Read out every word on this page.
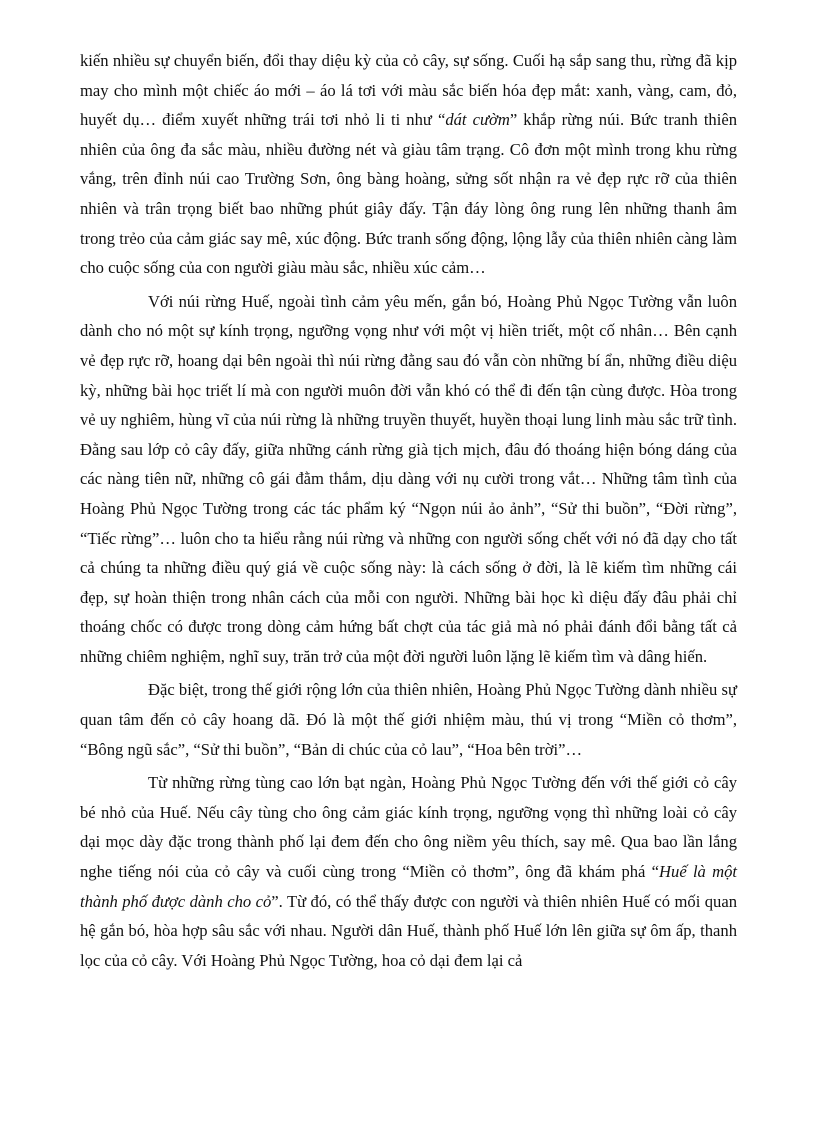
kiến nhiều sự chuyển biến, đổi thay diệu kỳ của cỏ cây, sự sống. Cuối hạ sắp sang thu, rừng đã kịp may cho mình một chiếc áo mới – áo lá tơi với màu sắc biến hóa đẹp mắt: xanh, vàng, cam, đỏ, huyết dụ… điểm xuyết những trái tơi nhỏ li ti như “dát cườm” khắp rừng núi. Bức tranh thiên nhiên của ông đa sắc màu, nhiều đường nét và giàu tâm trạng. Cô đơn một mình trong khu rừng vắng, trên đỉnh núi cao Trường Sơn, ông bàng hoàng, sửng sốt nhận ra vẻ đẹp rực rỡ của thiên nhiên và trân trọng biết bao những phút giây đấy. Tận đáy lòng ông rung lên những thanh âm trong trẻo của cảm giác say mê, xúc động. Bức tranh sống động, lộng lẫy của thiên nhiên càng làm cho cuộc sống của con người giàu màu sắc, nhiều xúc cảm…

Với núi rừng Huế, ngoài tình cảm yêu mến, gắn bó, Hoàng Phủ Ngọc Tường vẫn luôn dành cho nó một sự kính trọng, ngưỡng vọng như với một vị hiền triết, một cố nhân… Bên cạnh vẻ đẹp rực rỡ, hoang dại bên ngoài thì núi rừng đằng sau đó vẫn còn những bí ẩn, những điều diệu kỳ, những bài học triết lí mà con người muôn đời vẫn khó có thể đi đến tận cùng được. Hòa trong vẻ uy nghiêm, hùng vĩ của núi rừng là những truyền thuyết, huyền thoại lung linh màu sắc trữ tình. Đằng sau lớp cỏ cây đấy, giữa những cánh rừng già tịch mịch, đâu đó thoáng hiện bóng dáng của các nàng tiên nữ, những cô gái đằm thắm, dịu dàng với nụ cười trong vắt… Những tâm tình của Hoàng Phủ Ngọc Tường trong các tác phẩm ký “Ngọn núi ảo ảnh”, “Sử thi buồn”, “Đời rừng”, “Tiếc rừng”… luôn cho ta hiểu rằng núi rừng và những con người sống chết với nó đã dạy cho tất cả chúng ta những điều quý giá về cuộc sống này: là cách sống ở đời, là lẽ kiếm tìm những cái đẹp, sự hoàn thiện trong nhân cách của mỗi con người. Những bài học kì diệu đấy đâu phải chỉ thoáng chốc có được trong dòng cảm hứng bất chợt của tác giả mà nó phải đánh đổi bằng tất cả những chiêm nghiệm, nghĩ suy, trăn trở của một đời người luôn lặng lẽ kiếm tìm và dâng hiến.

Đặc biệt, trong thế giới rộng lớn của thiên nhiên, Hoàng Phủ Ngọc Tường dành nhiều sự quan tâm đến cỏ cây hoang dã. Đó là một thế giới nhiệm màu, thú vị trong “Miền cỏ thơm”, “Bông ngũ sắc”, “Sử thi buồn”, “Bản di chúc của cỏ lau”, “Hoa bên trời”…

Từ những rừng tùng cao lớn bạt ngàn, Hoàng Phủ Ngọc Tường đến với thế giới cỏ cây bé nhỏ của Huế. Nếu cây tùng cho ông cảm giác kính trọng, ngưỡng vọng thì những loài cỏ cây dại mọc dày đặc trong thành phố lại đem đến cho ông niềm yêu thích, say mê. Qua bao lần lắng nghe tiếng nói của cỏ cây và cuối cùng trong “Miền cỏ thơm”, ông đã khám phá “Huế là một thành phố được dành cho cỏ”. Từ đó, có thể thấy được con người và thiên nhiên Huế có mối quan hệ gắn bó, hòa hợp sâu sắc với nhau. Người dân Huế, thành phố Huế lớn lên giữa sự ôm ấp, thanh lọc của cỏ cây. Với Hoàng Phủ Ngọc Tường, hoa cỏ dại đem lại cả
